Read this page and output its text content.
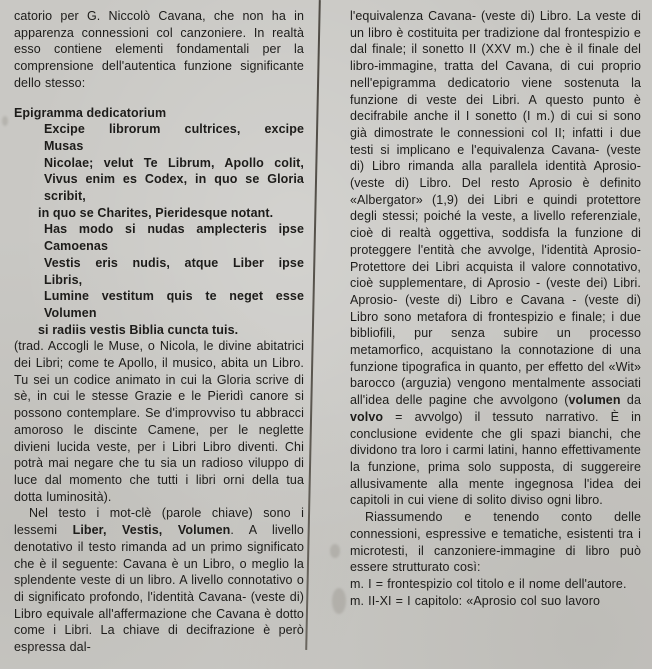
catorio per G. Niccolò Cavana, che non ha in apparenza connessioni col canzoniere. In realtà esso contiene elementi fondamentali per la comprensione dell'autentica funzione significante dello stesso:

Epigramma dedicatorium
Excipe librorum cultrices, excipe
Musas
Nicolae; velut Te Librum, Apollo colit,
Vivus enim es Codex, in quo se Gloria
scribit,
in quo se Charites, Pieridesque notant.
Has modo si nudas amplecteris ipse
Camoenas
Vestis eris nudis, atque Liber ipse
Libris,
Lumine vestitum quis te neget esse
Volumen
si radiis vestis Biblia cuncta tuis.

(trad. Accogli le Muse, o Nicola, le divine abitatrici dei Libri; come te Apollo, il musico, abita un Libro. Tu sei un codice animato in cui la Gloria scrive di sè, in cui le stesse Grazie e le Pieridì canore si possono contemplare. Se d'improvviso tu abbracci amoroso le discinte Camene, per le neglette divieni lucida veste, per i Libri Libro diventi. Chi potrà mai negare che tu sia un radioso viluppo di luce dal momento che tutti i libri orni della tua dotta luminosità).

Nel testo i mot-clè (parole chiave) sono i lessemi Liber, Vestis, Volumen. A livello denotativo il testo rimanda ad un primo significato che è il seguente: Cavana è un Libro, o meglio la splendente veste di un libro. A livello connotativo o di significato profondo, l'identità Cavana- (veste di) Libro equivale all'affermazione che Cavana è dotto come i Libri. La chiave di decifrazione è però espressa dal-

l'equivalenza Cavana- (veste di) Libro. La veste di un libro è costituita per tradizione dal frontespizio e dal finale; il sonetto II (XXV m.) che è il finale del libro-immagine, tratta del Cavana, di cui proprio nell'epigramma dedicatorio viene sostenuta la funzione di veste dei Libri. A questo punto è decifrabile anche il I sonetto (I m.) di cui si sono già dimostrate le connessioni col II; infatti i due testi si implicano e l'equivalenza Cavana- (veste di) Libro rimanda alla parallela identità Aprosio- (veste di) Libro. Del resto Aprosio è definito «Albergator» (1,9) dei Libri e quindi protettore degli stessi; poiché la veste, a livello referenziale, cioè di realtà oggettiva, soddisfa la funzione di proteggere l'entità che avvolge, l'identità Aprosio-Protettore dei Libri acquista il valore connotativo, cioè supplementare, di Aprosio - (veste dei) Libri. Aprosio- (veste di) Libro e Cavana - (veste di) Libro sono metafora di frontespizio e finale; i due bibliofili, pur senza subire un processo metamorfico, acquistano la connotazione di una funzione tipografica in quanto, per effetto del «Wit» barocco (arguzia) vengono mentalmente associati all'idea delle pagine che avvolgono (volumen da volvo = avvolgo) il tessuto narrativo. È in conclusione evidente che gli spazi bianchi, che dividono tra loro i carmi latini, hanno effettivamente la funzione, prima solo supposta, di suggereire allusivamente alla mente ingegnosa l'idea dei capitoli in cui viene di solito diviso ogni libro.

Riassumendo e tenendo conto delle connessioni, espressive e tematiche, esistenti tra i microtesti, il canzoniere-immagine di libro può essere strutturato così:

m. I = frontespizio col titolo e il nome dell'autore.

m. II-XI = I capitolo: «Aprosio col suo lavoro
